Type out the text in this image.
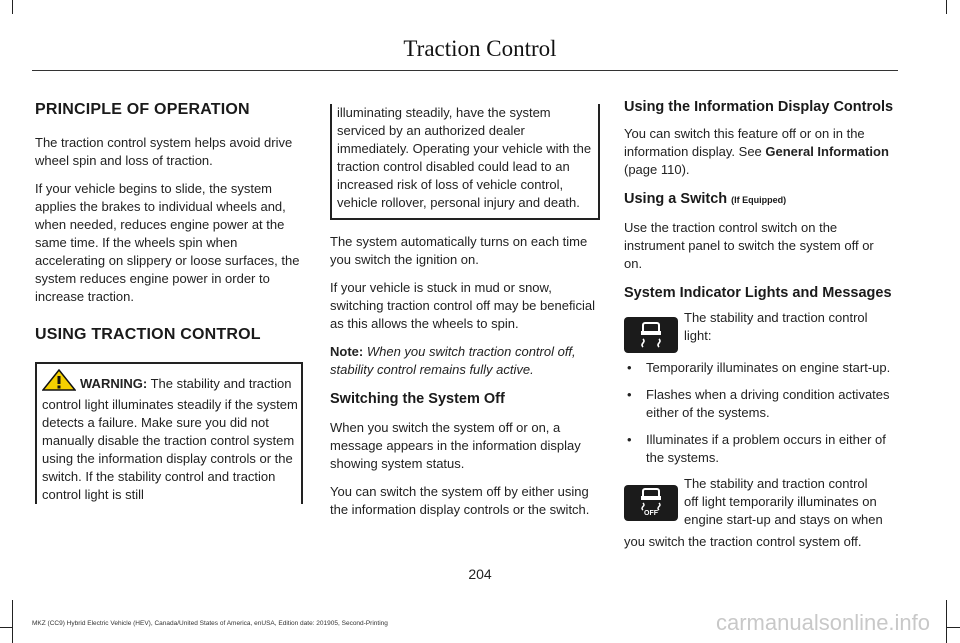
Traction Control
PRINCIPLE OF OPERATION

The traction control system helps avoid drive wheel spin and loss of traction.

If your vehicle begins to slide, the system applies the brakes to individual wheels and, when needed, reduces engine power at the same time. If the wheels spin when accelerating on slippery or loose surfaces, the system reduces engine power in order to increase traction.

USING TRACTION CONTROL
WARNING: The stability and traction control light illuminates steadily if the system detects a failure. Make sure you did not manually disable the traction control system using the information display controls or the switch. If the stability control and traction control light is still
illuminating steadily, have the system serviced by an authorized dealer immediately. Operating your vehicle with the traction control disabled could lead to an increased risk of loss of vehicle control, vehicle rollover, personal injury and death.

The system automatically turns on each time you switch the ignition on.

If your vehicle is stuck in mud or snow, switching traction control off may be beneficial as this allows the wheels to spin.

Note: When you switch traction control off, stability control remains fully active.

Switching the System Off

When you switch the system off or on, a message appears in the information display showing system status.

You can switch the system off by either using the information display controls or the switch.

Using the Information Display Controls

You can switch this feature off or on in the information display. See General Information (page 110).

Using a Switch (If Equipped)

Use the traction control switch on the instrument panel to switch the system off or on.

System Indicator Lights and Messages

The stability and traction control light:

• Temporarily illuminates on engine start-up.
• Flashes when a driving condition activates either of the systems.
• Illuminates if a problem occurs in either of the systems.
OFF

The stability and traction control

off light temporarily illuminates on

engine start-up and stays on when

you switch the traction control system off.

204
MKZ (CC9) Hybrid Electric Vehicle (HEV), Canada/United States of America, enUSA, Edition date: 201905, Second-Printing	carmanualsonline.info
